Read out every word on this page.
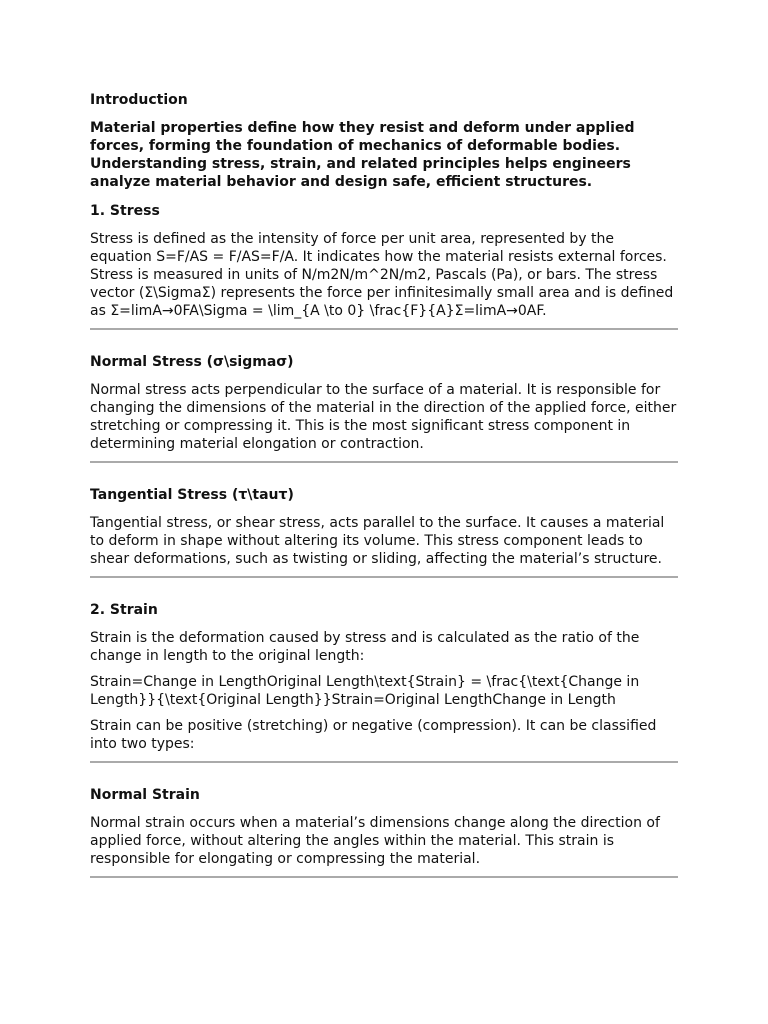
Introduction

Material properties define how they resist and deform under applied forces, forming the foundation of mechanics of deformable bodies. Understanding stress, strain, and related principles helps engineers analyze material behavior and design safe, efficient structures.

1. Stress

Stress is defined as the intensity of force per unit area, represented by the equation S=F/AS = F/AS=F/A. It indicates how the material resists external forces. Stress is measured in units of N/m2N/m^2N/m2, Pascals (Pa), or bars. The stress vector (Σ\SigmaΣ) represents the force per infinitesimally small area and is defined as Σ=limA→0FA\Sigma = \lim_{A \to 0} \frac{F}{A}Σ=limA→0AF.

Normal Stress (σ\sigmaσ)

Normal stress acts perpendicular to the surface of a material. It is responsible for changing the dimensions of the material in the direction of the applied force, either stretching or compressing it. This is the most significant stress component in determining material elongation or contraction.

Tangential Stress (τ\tauτ)

Tangential stress, or shear stress, acts parallel to the surface. It causes a material to deform in shape without altering its volume. This stress component leads to shear deformations, such as twisting or sliding, affecting the material’s structure.

2. Strain

Strain is the deformation caused by stress and is calculated as the ratio of the change in length to the original length:

Strain=Change in LengthOriginal Length\text{Strain} = \frac{\text{Change in Length}}{\text{Original Length}}Strain=Original LengthChange in Length

Strain can be positive (stretching) or negative (compression). It can be classified into two types:

Normal Strain

Normal strain occurs when a material’s dimensions change along the direction of applied force, without altering the angles within the material. This strain is responsible for elongating or compressing the material.
